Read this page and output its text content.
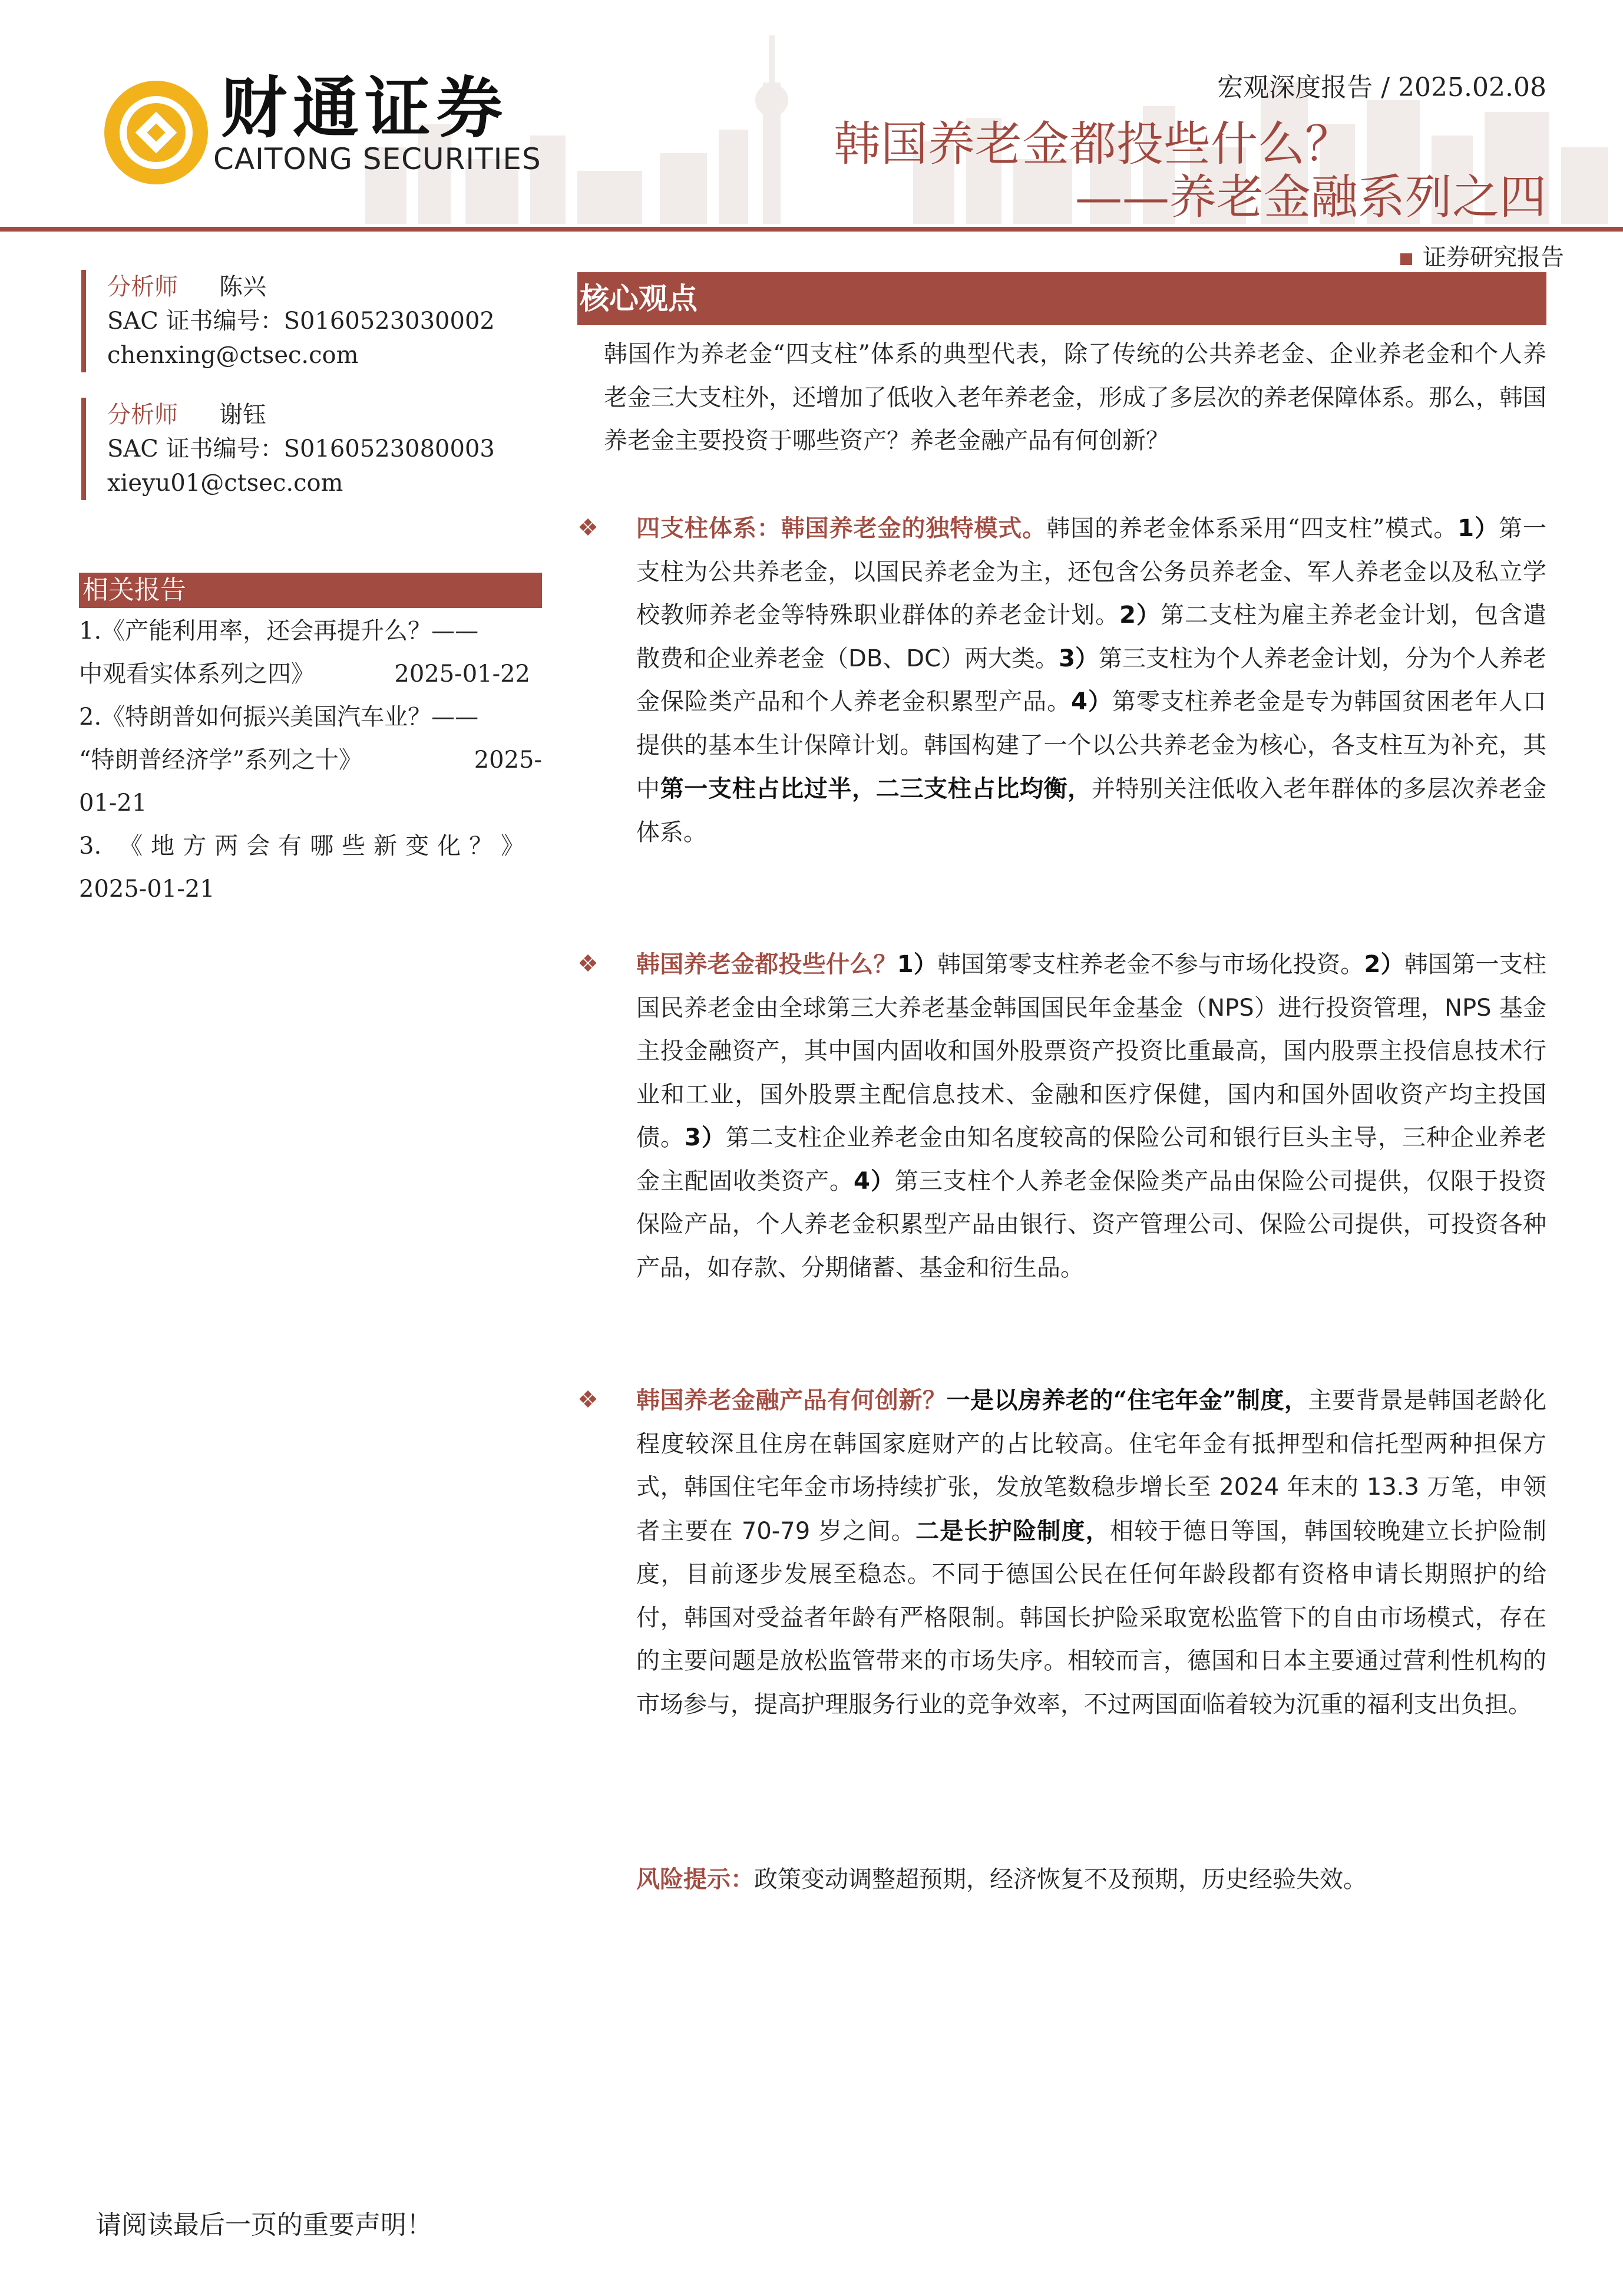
财通证券
CAITONG SECURITIES
宏观深度报告 / 2025.02.08
韩国养老金都投些什么？
——养老金融系列之四
证券研究报告
分析师 陈兴
SAC 证书编号：S0160523030002
chenxing@ctsec.com
分析师 谢钰
SAC 证书编号：S0160523080003
xieyu01@ctsec.com
相关报告
1.《产能利用率，还会再提升么？——
中观看实体系列之四》	2025-01-22
2.《特朗普如何振兴美国汽车业？——
“特朗普经济学”系列之十》	2025-
01-21
3. 《地方两会有哪些新变化？》
2025-01-21
核心观点
韩国作为养老金“四支柱”体系的典型代表，除了传统的公共养老金、企业养老金和个人养老金三大支柱外，还增加了低收入老年养老金，形成了多层次的养老保障体系。那么，韩国养老金主要投资于哪些资产？养老金融产品有何创新？
❖ 四支柱体系：韩国养老金的独特模式。韩国的养老金体系采用“四支柱”模式。1）第一支柱为公共养老金，以国民养老金为主，还包含公务员养老金、军人养老金以及私立学校教师养老金等特殊职业群体的养老金计划。2）第二支柱为雇主养老金计划，包含遣散费和企业养老金（DB、DC）两大类。3）第三支柱为个人养老金计划，分为个人养老金保险类产品和个人养老金积累型产品。4）第零支柱养老金是专为韩国贫困老年人口提供的基本生计保障计划。韩国构建了一个以公共养老金为核心，各支柱互为补充，其中第一支柱占比过半，二三支柱占比均衡，并特别关注低收入老年群体的多层次养老金体系。
❖ 韩国养老金都投些什么？1）韩国第零支柱养老金不参与市场化投资。2）韩国第一支柱国民养老金由全球第三大养老基金韩国国民年金基金（NPS）进行投资管理，NPS 基金主投金融资产，其中国内固收和国外股票资产投资比重最高，国内股票主投信息技术行业和工业，国外股票主配信息技术、金融和医疗保健，国内和国外固收资产均主投国债。3）第二支柱企业养老金由知名度较高的保险公司和银行巨头主导，三种企业养老金主配固收类资产。4）第三支柱个人养老金保险类产品由保险公司提供，仅限于投资保险产品，个人养老金积累型产品由银行、资产管理公司、保险公司提供，可投资各种产品，如存款、分期储蓄、基金和衍生品。
❖ 韩国养老金融产品有何创新？一是以房养老的“住宅年金”制度，主要背景是韩国老龄化程度较深且住房在韩国家庭财产的占比较高。住宅年金有抵押型和信托型两种担保方式，韩国住宅年金市场持续扩张，发放笔数稳步增长至 2024 年末的 13.3 万笔，申领者主要在 70-79 岁之间。二是长护险制度，相较于德日等国，韩国较晚建立长护险制度，目前逐步发展至稳态。不同于德国公民在任何年龄段都有资格申请长期照护的给付，韩国对受益者年龄有严格限制。韩国长护险采取宽松监管下的自由市场模式，存在的主要问题是放松监管带来的市场失序。相较而言，德国和日本主要通过营利性机构的市场参与，提高护理服务行业的竞争效率，不过两国面临着较为沉重的福利支出负担。
风险提示：政策变动调整超预期，经济恢复不及预期，历史经验失效。
请阅读最后一页的重要声明！
